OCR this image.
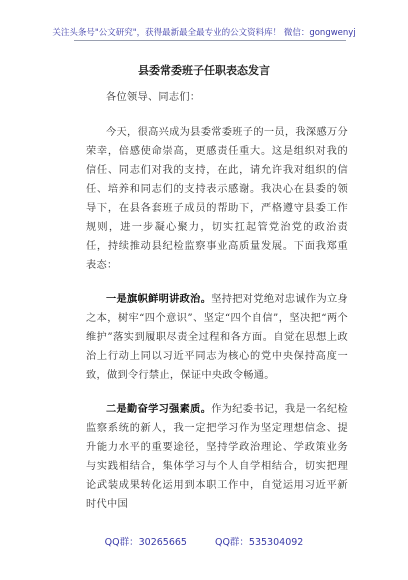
关注头条号"公文研究"，获得最新最全最专业的公文资料库！ 微信：gongwenyj
县委常委班子任职表态发言

各位领导、同志们：

今天，很高兴成为县委常委班子的一员，我深感万分荣幸，倍感使命崇高，更感责任重大。这是组织对我的信任、同志们对我的支持，在此，请允许我对组织的信任、培养和同志们的支持表示感谢。我决心在县委的领导下，在县各套班子成员的帮助下，严格遵守县委工作规则，进一步凝心聚力，切实扛起管党治党的政治责任，持续推动县纪检监察事业高质量发展。下面我郑重表态：

一是旗帜鲜明讲政治。坚持把对党绝对忠诚作为立身之本，树牢“四个意识”、坚定“四个自信”，坚决把“两个维护”落实到履职尽责全过程和各方面。自觉在思想上政治上行动上同以习近平同志为核心的党中央保持高度一致，做到令行禁止，保证中央政令畅通。

二是勤奋学习强素质。作为纪委书记，我是一名纪检监察系统的新人，我一定把学习作为坚定理想信念、提升能力水平的重要途径，坚持学政治理论、学政策业务与实践相结合，集体学习与个人自学相结合，切实把理论武装成果转化运用到本职工作中，自觉运用习近平新时代中国

QQ群：30265665	QQ群：535304092
